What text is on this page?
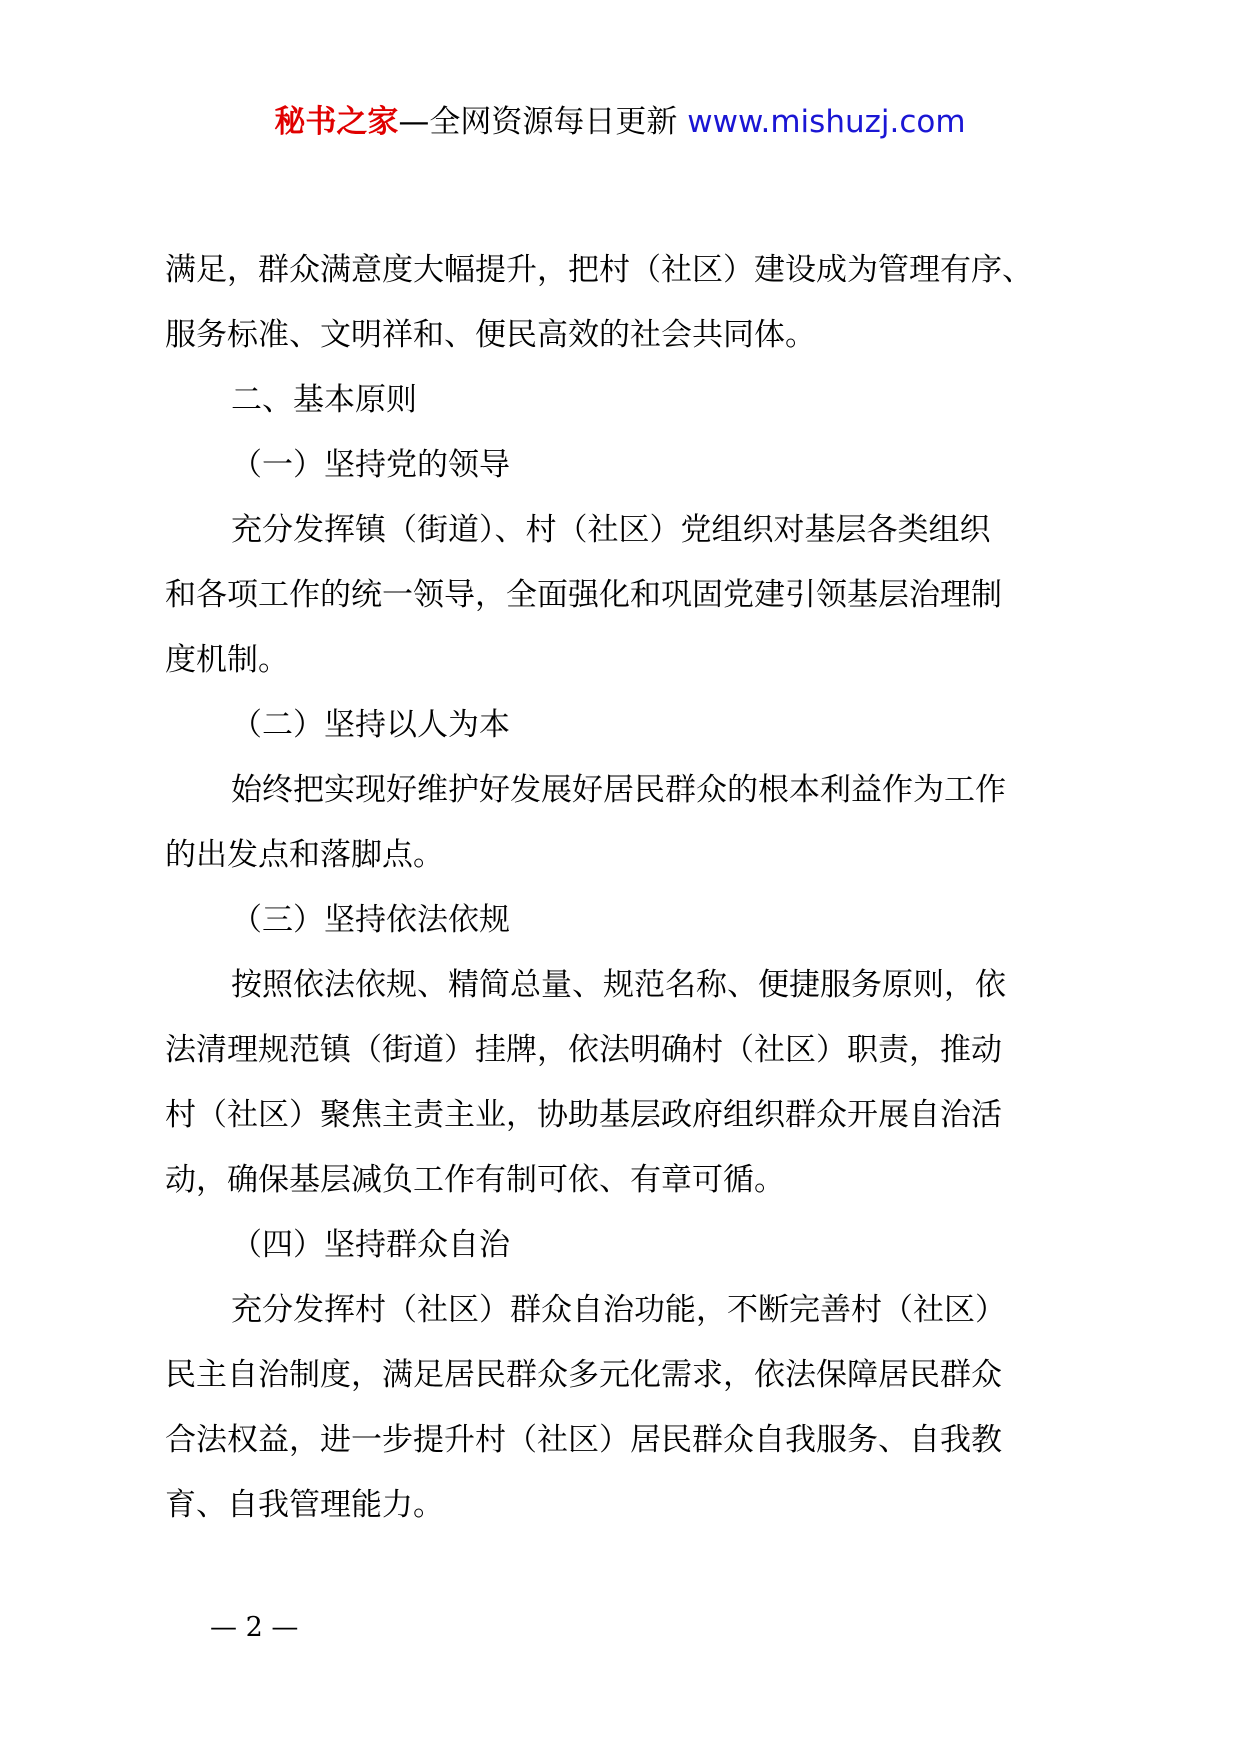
秘书之家—全网资源每日更新 www.mishuzj.com
满足，群众满意度大幅提升，把村（社区）建设成为管理有序、
服务标准、文明祥和、便民高效的社会共同体。
二、基本原则
（一）坚持党的领导
充分发挥镇（街道）、村（社区）党组织对基层各类组织
和各项工作的统一领导，全面强化和巩固党建引领基层治理制
度机制。
（二）坚持以人为本
始终把实现好维护好发展好居民群众的根本利益作为工作
的出发点和落脚点。
（三）坚持依法依规
按照依法依规、精简总量、规范名称、便捷服务原则，依
法清理规范镇（街道）挂牌，依法明确村（社区）职责，推动
村（社区）聚焦主责主业，协助基层政府组织群众开展自治活
动，确保基层减负工作有制可依、有章可循。
（四）坚持群众自治
充分发挥村（社区）群众自治功能，不断完善村（社区）
民主自治制度，满足居民群众多元化需求，依法保障居民群众
合法权益，进一步提升村（社区）居民群众自我服务、自我教
育、自我管理能力。
— 2 —
